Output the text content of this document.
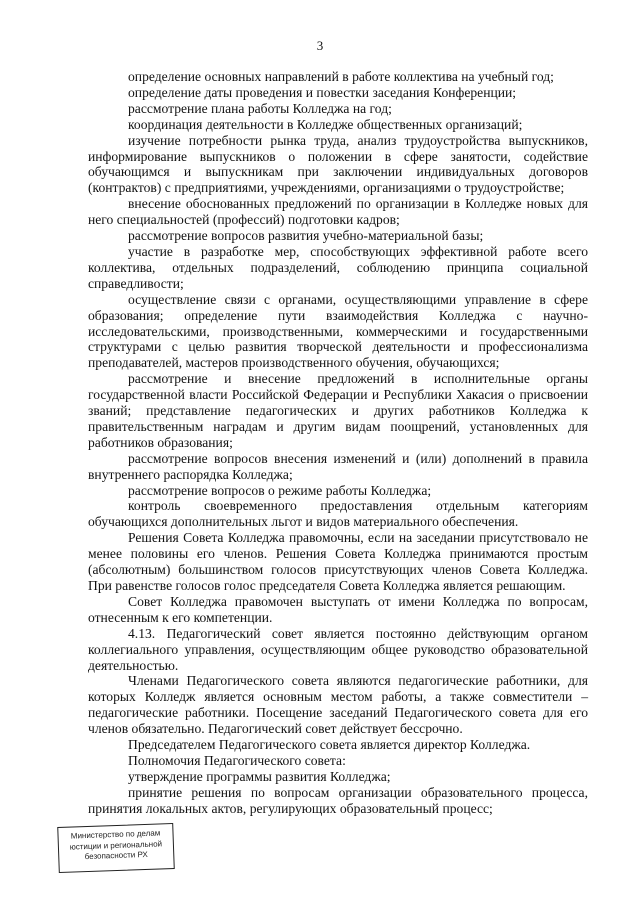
3

определение основных направлений в работе коллектива на учебный год;

определение даты проведения и повестки заседания Конференции;

рассмотрение плана работы Колледжа на год;

координация деятельности в Колледже общественных организаций;

изучение потребности рынка труда, анализ трудоустройства выпускников, информирование выпускников о положении в сфере занятости, содействие обучающимся и выпускникам при заключении индивидуальных договоров (контрактов) с предприятиями, учреждениями, организациями о трудоустройстве;

внесение обоснованных предложений по организации в Колледже новых для него специальностей (профессий) подготовки кадров;

рассмотрение вопросов развития учебно-материальной базы;

участие в разработке мер, способствующих эффективной работе всего коллектива, отдельных подразделений, соблюдению принципа социальной справедливости;

осуществление связи с органами, осуществляющими управление в сфере образования; определение пути взаимодействия Колледжа с научно-исследовательскими, производственными, коммерческими и государственными структурами с целью развития творческой деятельности и профессионализма преподавателей, мастеров производственного обучения, обучающихся;

рассмотрение и внесение предложений в исполнительные органы государственной власти Российской Федерации и Республики Хакасия о присвоении званий; представление педагогических и других работников Колледжа к правительственным наградам и другим видам поощрений, установленных для работников образования;

рассмотрение вопросов внесения изменений и (или) дополнений в правила внутреннего распорядка Колледжа;

рассмотрение вопросов о режиме работы Колледжа;

контроль своевременного предоставления отдельным категориям обучающихся дополнительных льгот и видов материального обеспечения.

Решения Совета Колледжа правомочны, если на заседании присутствовало не менее половины его членов. Решения Совета Колледжа принимаются простым (абсолютным) большинством голосов присутствующих членов Совета Колледжа. При равенстве голосов голос председателя Совета Колледжа является решающим.

Совет Колледжа правомочен выступать от имени Колледжа по вопросам, отнесенным к его компетенции.

4.13. Педагогический совет является постоянно действующим органом коллегиального управления, осуществляющим общее руководство образовательной деятельностью.

Членами Педагогического совета являются педагогические работники, для которых Колледж является основным местом работы, а также совместители – педагогические работники. Посещение заседаний Педагогического совета для его членов обязательно. Педагогический совет действует бессрочно.

Председателем Педагогического совета является директор Колледжа.

Полномочия Педагогического совета:

утверждение программы развития Колледжа;

принятие решения по вопросам организации образовательного процесса, принятия локальных актов, регулирующих образовательный процесс;

Министерство по делам
юстиции и региональной
безопасности РХ
